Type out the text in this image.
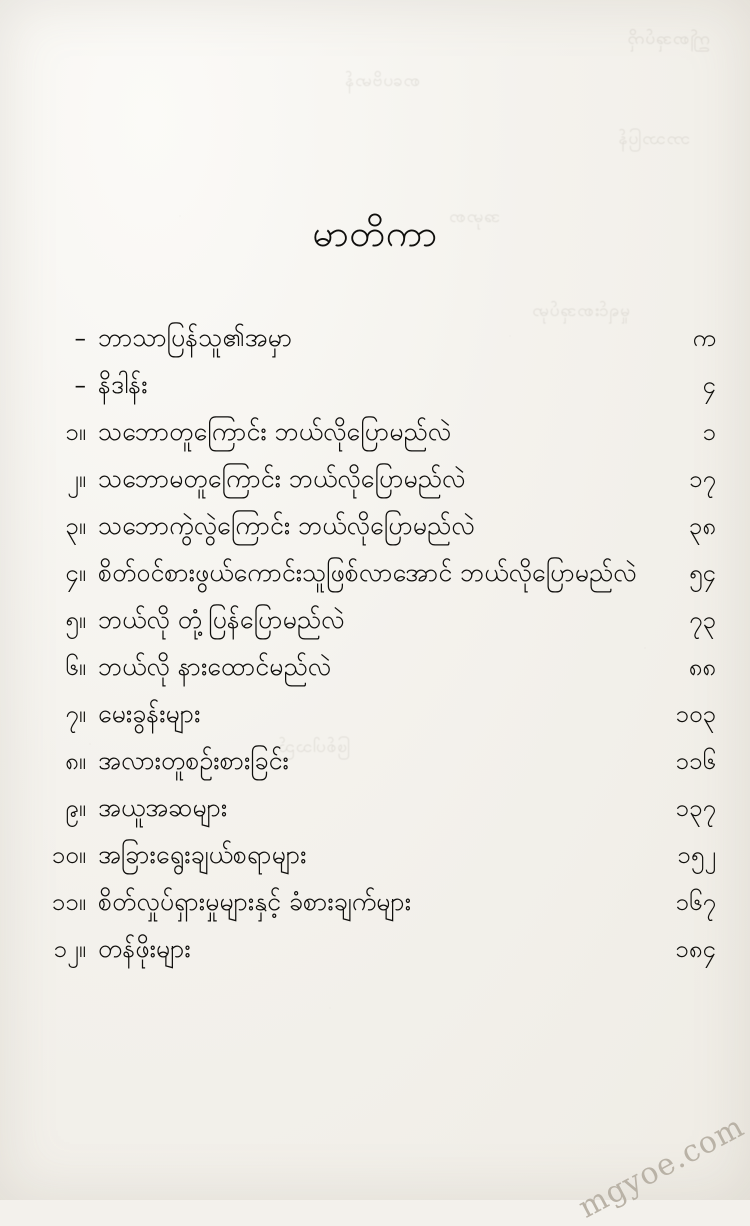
ဤစာအုပ်ကို
စာပေဗိမာန်
ဘာသာပြန်
အမှာစာ
မူရင်းစာအုပ်မှာ
ဖြစ်ပါသည်
မာတိကာ
– ဘာသာပြန်သူ၏အမှာ	က
– နိဒါန်း	၄
၁။ သဘောတူကြောင်း ဘယ်လိုပြောမည်လဲ	၁
၂။ သဘောမတူကြောင်း ဘယ်လိုပြောမည်လဲ	၁၇
၃။ သဘောကွဲလွဲကြောင်း ဘယ်လိုပြောမည်လဲ	၃၈
၄။ စိတ်ဝင်စားဖွယ်ကောင်းသူဖြစ်လာအောင် ဘယ်လိုပြောမည်လဲ	၅၄
၅။ ဘယ်လို တုံ့ပြန်ပြောမည်လဲ	၇၃
၆။ ဘယ်လို နားထောင်မည်လဲ	၈၈
၇။ မေးခွန်းများ	၁၀၃
၈။ အလားတူစဉ်းစားခြင်း	၁၁၆
၉။ အယူအဆများ	၁၃၇
၁၀။ အခြားရွေးချယ်စရာများ	၁၅၂
၁၁။ စိတ်လှုပ်ရှားမှုများနှင့် ခံစားချက်များ	၁၆၇
၁၂။ တန်ဖိုးများ	၁၈၄
mgyoe.com
